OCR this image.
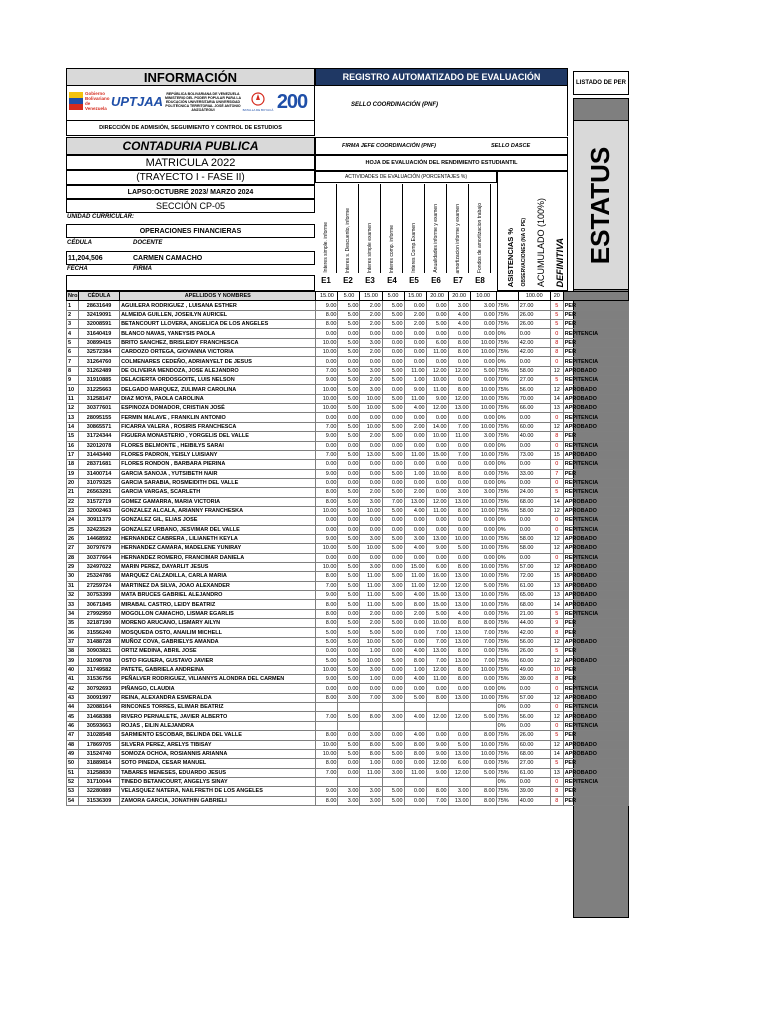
INFORMACIÓN	REGISTRO AUTOMATIZADO DE EVALUACIÓN
LISTADO DE PER
Gobierno Bolivariano de Venezuela UPTJAA REPÚBLICA BOLIVARIANA DE VENEZUELA MINISTERIO DEL PODER POPULAR PARA LA EDUCACIÓN UNIVERSITARIA UNIVERSIDAD POLITÉCNICA TERRITORIAL JOSÉ ANTONIO ANZOÁTEGUI	BATALLA DE BOYACÁ 200	SELLO COORDINACIÓN (PNF)
DIRECCIÓN DE ADMISIÓN, SEGUIMIENTO Y CONTROL DE ESTUDIOS
ESTATUS
CONTADURIA PUBLICA
MATRICULA 2022
(TRAYECTO I - FASE II)
LAPSO:OCTUBRE 2023/ MARZO 2024
SECCIÓN CP-05
UNIDAD CURRICULAR:
OPERACIONES FINANCIERAS
CÉDULA	DOCENTE
11,204,506	CARMEN CAMACHO
FECHA	FIRMA
FIRMA JEFE COORDINACIÓN (PNF)	SELLO DASCE
HOJA DE EVALUACIÓN DEL RENDIMIENTO ESTUDIANTIL
ACTIVIDADES DE EVALUACIÓN (PORCENTAJES %)
Interes simple. informe
E1
Interes s. Descuento, informe
E2
Interes simple examen
E3
Interes comp. informe
E4
Interes Comp.Examen
E5
Anualidades informe y examen
E6
amortizacion informe y examen
E7
Fondos de amortizacion trabajo
E8	ASISTENCIAS % OBSERVACIONES (NA O PE) ACUMULADO (100%) DEFINITIVA
Nro.	CÉDULA	APELLIDOS Y NOMBRES	15.00	5.00	15.00	5.00	15.00	20.00	20.00	10.00		100.00	20	
1	28631649	AGUILERA RODRIGUEZ , LUISANA ESTHER	9.00	5.00	2.00	5.00	0.00	0.00	3.00	3.00	75%	27.00	5	PER
2	32419091	ALMEIDA GUILLEN, JOSEILYN AURICEL	8.00	5.00	2.00	5.00	2.00	0.00	4.00	0.00	75%	26.00	5	PER
3	32008591	BETANCOURT LLOVERA, ANGELICA DE LOS ANGELES	8.00	5.00	2.00	5.00	2.00	5.00	4.00	0.00	75%	26.00	5	PER
4	31640419	BLANCO NAVAS, YANEYSIS PAOLA	0.00	0.00	0.00	0.00	0.00	0.00	0.00	0.00	0%	0.00	0	REPITENCIA
5	30899415	BRITO SANCHEZ, BRISLEIDY FRANCHESCA	10.00	5.00	3.00	0.00	0.00	6.00	8.00	10.00	75%	42.00	8	PER
6	32572384	CARDOZO ORTEGA, GIOVANNA VICTORIA	10.00	5.00	2.00	0.00	0.00	11.00	8.00	10.00	75%	42.00	8	PER
7	31264760	COLMENARES CEDEÑO, ADRIANYELT DE JESUS	0.00	0.00	0.00	0.00	0.00	0.00	0.00	0.00	0%	0.00	0	REPITENCIA
8	31262489	DE OLIVEIRA MENDOZA, JOSE ALEJANDRO	7.00	5.00	3.00	5.00	11.00	12.00	12.00	5.00	75%	58.00	12	APROBADO
9	31910885	DELACIERTA ORDOSGOITE, LUIS NELSON	9.00	5.00	2.00	5.00	1.00	10.00	0.00	0.00	70%	27.00	5	REPITENCIA
10	31225663	DELGADO MARQUEZ, ZULIMAR CAROLINA	10.00	5.00	3.00	0.00	9.00	11.00	8.00	10.00	75%	56.00	12	APROBADO
11	31258147	DIAZ MOYA, PAOLA CAROLINA	10.00	5.00	10.00	5.00	11.00	9.00	12.00	10.00	75%	70.00	14	APROBADO
12	30377601	ESPINOZA DOMADOR, CRISTIAN JOSÉ	10.00	5.00	10.00	5.00	4.00	12.00	13.00	10.00	75%	66.00	13	APROBADO
13	28095155	FERMIN MALAVE , FRANKLIN ANTONIO	0.00	0.00	0.00	0.00	0.00	0.00	0.00	0.00	0%	0.00	0	REPITENCIA
14	30865571	FICARRA VALERA , ROSIRIS FRANCHESCA	7.00	5.00	10.00	5.00	2.00	14.00	7.00	10.00	75%	60.00	12	APROBADO
15	31724344	FIGUERA MONASTERIO , YORGELIS DEL VALLE	9.00	5.00	2.00	5.00	0.00	10.00	11.00	3.00	75%	40.00	8	PER
16	32012078	FLORES BELMONTE , HEIBILYS SARAI	0.00	0.00	0.00	0.00	0.00	0.00	0.00	0.00	0%	0.00	0	REPITENCIA
17	31443440	FLORES PADRON, YEISLY LUISIANY	7.00	5.00	13.00	5.00	11.00	15.00	7.00	10.00	75%	73.00	15	APROBADO
18	28371681	FLORES RONDON , BARBARA PIERINA	0.00	0.00	0.00	0.00	0.00	0.00	0.00	0.00	0%	0.00	0	REPITENCIA
19	31400714	GARCIA SANOJA , YUTSIBETH NAIR	9.00	0.00	0.00	5.00	1.00	10.00	8.00	0.00	75%	33.00	7	PER
20	31079325	GARCIA SARABIA, ROSMEIDITH DEL VALLE	0.00	0.00	0.00	0.00	0.00	0.00	0.00	0.00	0%	0.00	0	REPITENCIA
21	26563291	GARCIA VARGAS, SCARLETH	8.00	5.00	2.00	5.00	2.00	0.00	3.00	3.00	75%	24.00	5	REPITENCIA
22	31572719	GOMEZ GAMARRA, MARIA VICTORIA	8.00	5.00	3.00	7.00	13.00	12.00	13.00	10.00	75%	68.00	14	APROBADO
23	32002463	GONZALEZ ALCALA, ARIANNY FRANCHESKA	10.00	5.00	10.00	5.00	4.00	11.00	8.00	10.00	75%	58.00	12	APROBADO
24	30911379	GONZALEZ GIL, ELIAS JOSE	0.00	0.00	0.00	0.00	0.00	0.00	0.00	0.00	0%	0.00	0	REPITENCIA
25	32423529	GONZALEZ URBANO, JESVIMAR DEL VALLE	0.00	0.00	0.00	0.00	0.00	0.00	0.00	0.00	0%	0.00	0	REPITENCIA
26	14468592	HERNANDEZ CABRERA , LILIANETH KEYLA	9.00	5.00	3.00	5.00	3.00	13.00	10.00	10.00	75%	58.00	12	APROBADO
27	30797679	HERNANDEZ CAMARA, MADELENE YUNIRAY	10.00	5.00	10.00	5.00	4.00	9.00	5.00	10.00	75%	58.00	12	APROBADO
28	30377664	HERNANDEZ ROMERO, FRANCIMAR DANIELA	0.00	0.00	0.00	0.00	0.00	0.00	0.00	0.00	0%	0.00	0	REPITENCIA
29	32497022	MARIN PEREZ, DAYARLIT JESUS	10.00	5.00	3.00	0.00	15.00	6.00	8.00	10.00	75%	57.00	12	APROBADO
30	25324786	MARQUEZ CALZADILLA, CARLA MARIA	8.00	5.00	11.00	5.00	11.00	16.00	13.00	10.00	75%	72.00	15	APROBADO
31	27259724	MARTINEZ DA SILVA, JOAO ALEXANDER	7.00	5.00	11.00	3.00	11.00	12.00	12.00	5.00	75%	61.00	13	APROBADO
32	30753399	MATA BRUCES GABRIEL ALEJANDRO	9.00	5.00	11.00	5.00	4.00	15.00	13.00	10.00	75%	65.00	13	APROBADO
33	30671845	MIRABAL CASTRO, LEIDY BEATRIZ	8.00	5.00	11.00	5.00	8.00	15.00	13.00	10.00	75%	68.00	14	APROBADO
34	27992950	MOGOLLON CAMACHO, LISMAR EGARLIS	8.00	0.00	2.00	0.00	2.00	5.00	4.00	0.00	75%	21.00	5	REPITENCIA
35	32187190	MORENO ARUCANO, LISMARY AILYN	8.00	5.00	2.00	5.00	0.00	10.00	8.00	8.00	75%	44.00	9	PER
36	31556240	MOSQUEDA OSTO, ANAILIM MICHELL	5.00	5.00	5.00	5.00	0.00	7.00	13.00	7.00	75%	42.00	8	PER
37	31488728	MUÑOZ COVA, GABRIELYS AMANDA	5.00	5.00	10.00	5.00	0.00	7.00	13.00	7.00	75%	56.00	12	APROBADO
38	30903821	ORTIZ MEDINA, ABRIL JOSE	0.00	0.00	1.00	0.00	4.00	13.00	8.00	0.00	75%	26.00	5	PER
39	31098708	OSTO FIGUERA, GUSTAVO JAVIER	5.00	5.00	10.00	5.00	8.00	7.00	13.00	7.00	75%	60.00	12	APROBADO
40	31749582	PATETE, GABRIELA ANDREINA	10.00	5.00	3.00	0.00	1.00	12.00	8.00	10.00	75%	49.00	10	PER
41	31536756	PEÑALVER RODRIGUEZ, VILIANNYS ALONDRA DEL CARMEN	9.00	5.00	1.00	0.00	4.00	11.00	8.00	0.00	75%	39.00	8	PER
42	30792693	PIÑANGO, CLAUDIA	0.00	0.00	0.00	0.00	0.00	0.00	0.00	0.00	0%	0.00	0	REPITENCIA
43	30091997	REINA, ALEXANDRA ESMERALDA	8.00	3.00	7.00	3.00	5.00	8.00	13.00	10.00	75%	57.00	12	APROBADO
44	32088164	RINCONES TORRES, ELIMAR BEATRIZ									0%	0.00	0	REPITENCIA
45	31468388	RIVERO PERNALETE, JAVIER ALBERTO	7.00	5.00	8.00	3.00	4.00	12.00	12.00	5.00	75%	56.00	12	APROBADO
46	30593663	ROJAS , EILIN ALEJANDRA									0%	0.00	0	REPITENCIA
47	31028548	SARMIENTO ESCOBAR, BELINDA DEL VALLE	8.00	0.00	3.00	0.00	4.00	0.00	0.00	8.00	75%	26.00	5	PER
48	17869705	SILVERA PEREZ, ARELYS TIBISAY	10.00	5.00	8.00	5.00	8.00	9.00	5.00	10.00	75%	60.00	12	APROBADO
49	31524740	SOMOZA OCHOA, ROSIANNIS ARIANNA	10.00	5.00	8.00	5.00	8.00	9.00	13.00	10.00	75%	68.00	14	APROBADO
50	31889814	SOTO PINEDA, CESAR MANUEL	8.00	0.00	1.00	0.00	0.00	12.00	6.00	0.00	75%	27.00	5	PER
51	31258830	TABARES MENESES, EDUARDO JESUS	7.00	0.00	11.00	3.00	11.00	9.00	12.00	5.00	75%	61.00	13	APROBADO
52	31710044	TINEDO BETANCOURT, ANGELYS SINAY									0%	0.00	0	REPITENCIA
53	32280889	VELASQUEZ NATERA, NAILFRETH DE LOS ANGELES	9.00	3.00	3.00	5.00	0.00	8.00	3.00	8.00	75%	39.00	8	PER
54	31536309	ZAMORA GARCIA, JONATHIN GABRIELI	8.00	3.00	3.00	5.00	0.00	7.00	13.00	8.00	75%	40.00	8	PER
